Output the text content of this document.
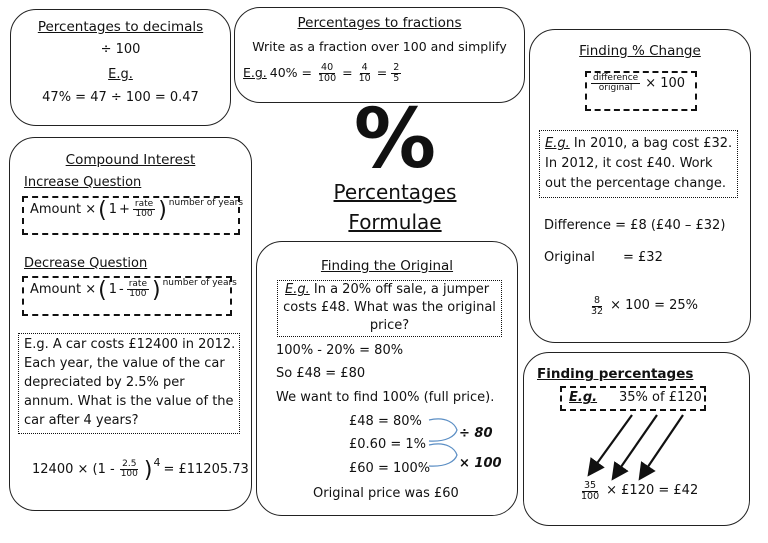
Percentages to decimals
÷ 100
E.g.
47% = 47 ÷ 100 = 0.47
Percentages to fractions
Write as a fraction over 100 and simplify
E.g. $40\% = \frac{40}{100} = \frac{4}{10} = \frac{2}{5}$
%
Percentages
Formulae
Finding % Change
difference
original × 100
E.g. In 2010, a bag cost £32.
In 2012, it cost £40. Work
out the percentage change.
Difference = £8 (£40 – £32)
Original = £32
$\frac{8}{32} \times 100 = 25\%$
Compound Interest
Increase Question
Amount × ( 1 + rate
100 ) number of years
Decrease Question
Amount × ( 1 - rate
100 ) number of years
E.g. A car costs £12400 in 2012.
Each year, the value of the car
depreciated by 2.5% per
annum. What is the value of the
car after 4 years?
12400 × (1 - 2.5
100 ) 4 = £11205.73
Finding the Original
E.g. In a 20% off sale, a jumper
costs £48. What was the original
price?
100% - 20% = 80%
So £48 = £80
We want to find 100% (full price).
£48 = 80%
£0.60 = 1%
£60 = 100%
÷ 80
× 100
Original price was £60
Finding percentages
E.g. 35% of £120
$\frac{35}{100}$ × £120 = £42
